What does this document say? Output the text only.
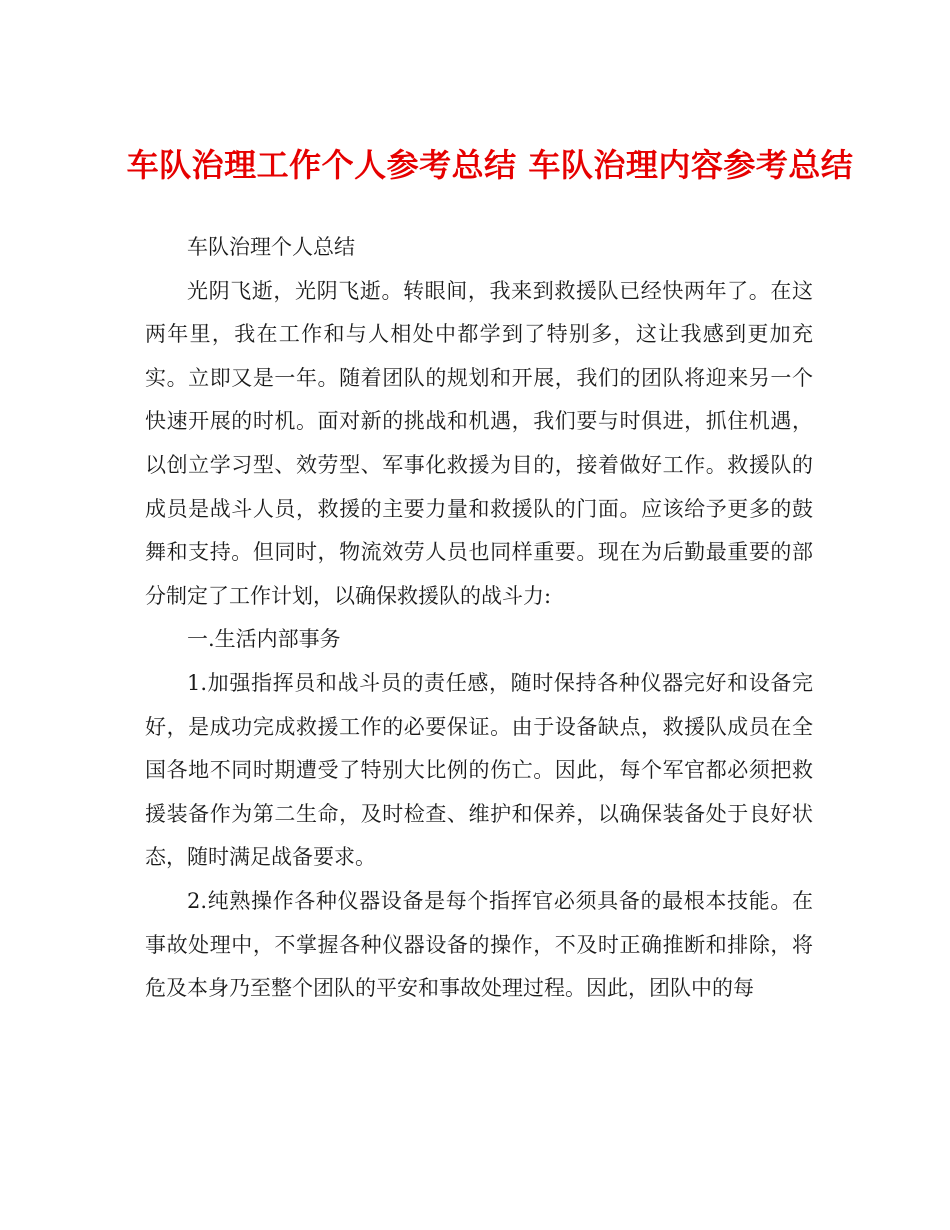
车队治理工作个人参考总结 车队治理内容参考总结

车队治理个人总结

光阴飞逝，光阴飞逝。转眼间，我来到救援队已经快两年了。在这两年里，我在工作和与人相处中都学到了特别多，这让我感到更加充实。立即又是一年。随着团队的规划和开展，我们的团队将迎来另一个快速开展的时机。面对新的挑战和机遇，我们要与时俱进，抓住机遇，以创立学习型、效劳型、军事化救援为目的，接着做好工作。救援队的成员是战斗人员，救援的主要力量和救援队的门面。应该给予更多的鼓舞和支持。但同时，物流效劳人员也同样重要。现在为后勤最重要的部分制定了工作计划，以确保救援队的战斗力:

一.生活内部事务

1.加强指挥员和战斗员的责任感，随时保持各种仪器完好和设备完好，是成功完成救援工作的必要保证。由于设备缺点，救援队成员在全国各地不同时期遭受了特别大比例的伤亡。因此，每个军官都必须把救援装备作为第二生命，及时检查、维护和保养，以确保装备处于良好状态，随时满足战备要求。

2.纯熟操作各种仪器设备是每个指挥官必须具备的最根本技能。在事故处理中，不掌握各种仪器设备的操作，不及时正确推断和排除，将危及本身乃至整个团队的平安和事故处理过程。因此，团队中的每
